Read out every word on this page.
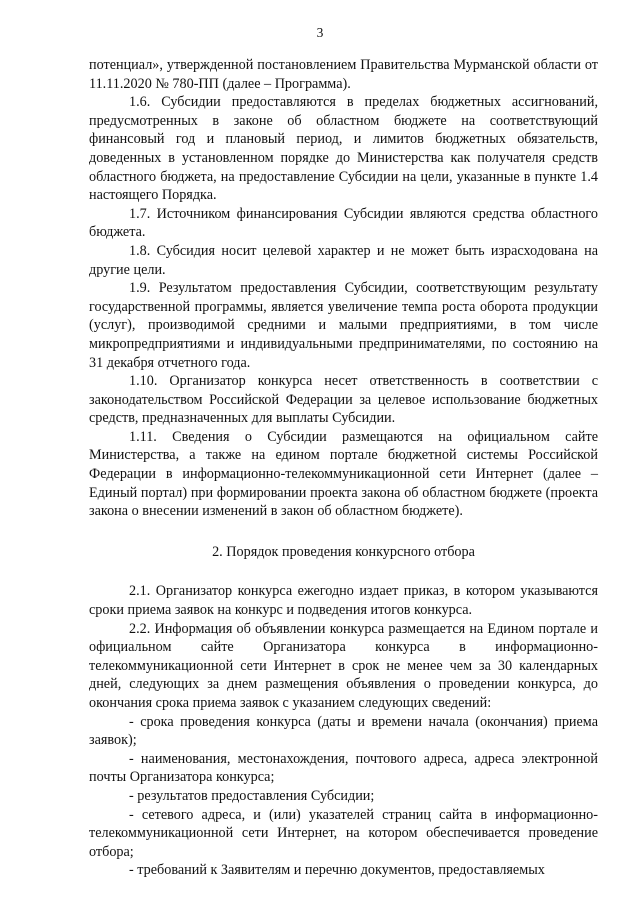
3

потенциал», утвержденной постановлением Правительства Мурманской области от 11.11.2020 № 780-ПП (далее – Программа).

1.6. Субсидии предоставляются в пределах бюджетных ассигнований, предусмотренных в законе об областном бюджете на соответствующий финансовый год и плановый период, и лимитов бюджетных обязательств, доведенных в установленном порядке до Министерства как получателя средств областного бюджета, на предоставление Субсидии на цели, указанные в пункте 1.4 настоящего Порядка.

1.7. Источником финансирования Субсидии являются средства областного бюджета.

1.8. Субсидия носит целевой характер и не может быть израсходована на другие цели.

1.9. Результатом предоставления Субсидии, соответствующим результату государственной программы, является увеличение темпа роста оборота продукции (услуг), производимой средними и малыми предприятиями, в том числе микропредприятиями и индивидуальными предпринимателями, по состоянию на 31 декабря отчетного года.

1.10. Организатор конкурса несет ответственность в соответствии с законодательством Российской Федерации за целевое использование бюджетных средств, предназначенных для выплаты Субсидии.

1.11. Сведения о Субсидии размещаются на официальном сайте Министерства, а также на едином портале бюджетной системы Российской Федерации в информационно-телекоммуникационной сети Интернет (далее – Единый портал) при формировании проекта закона об областном бюджете (проекта закона о внесении изменений в закон об областном бюджете).

2. Порядок проведения конкурсного отбора

2.1. Организатор конкурса ежегодно издает приказ, в котором указываются сроки приема заявок на конкурс и подведения итогов конкурса.

2.2. Информация об объявлении конкурса размещается на Едином портале и официальном сайте Организатора конкурса в информационно-телекоммуникационной сети Интернет в срок не менее чем за 30 календарных дней, следующих за днем размещения объявления о проведении конкурса, до окончания срока приема заявок с указанием следующих сведений:

- срока проведения конкурса (даты и времени начала (окончания) приема заявок);

- наименования, местонахождения, почтового адреса, адреса электронной почты Организатора конкурса;

- результатов предоставления Субсидии;

- сетевого адреса, и (или) указателей страниц сайта в информационно-телекоммуникационной сети Интернет, на котором обеспечивается проведение отбора;

- требований к Заявителям и перечню документов, предоставляемых
